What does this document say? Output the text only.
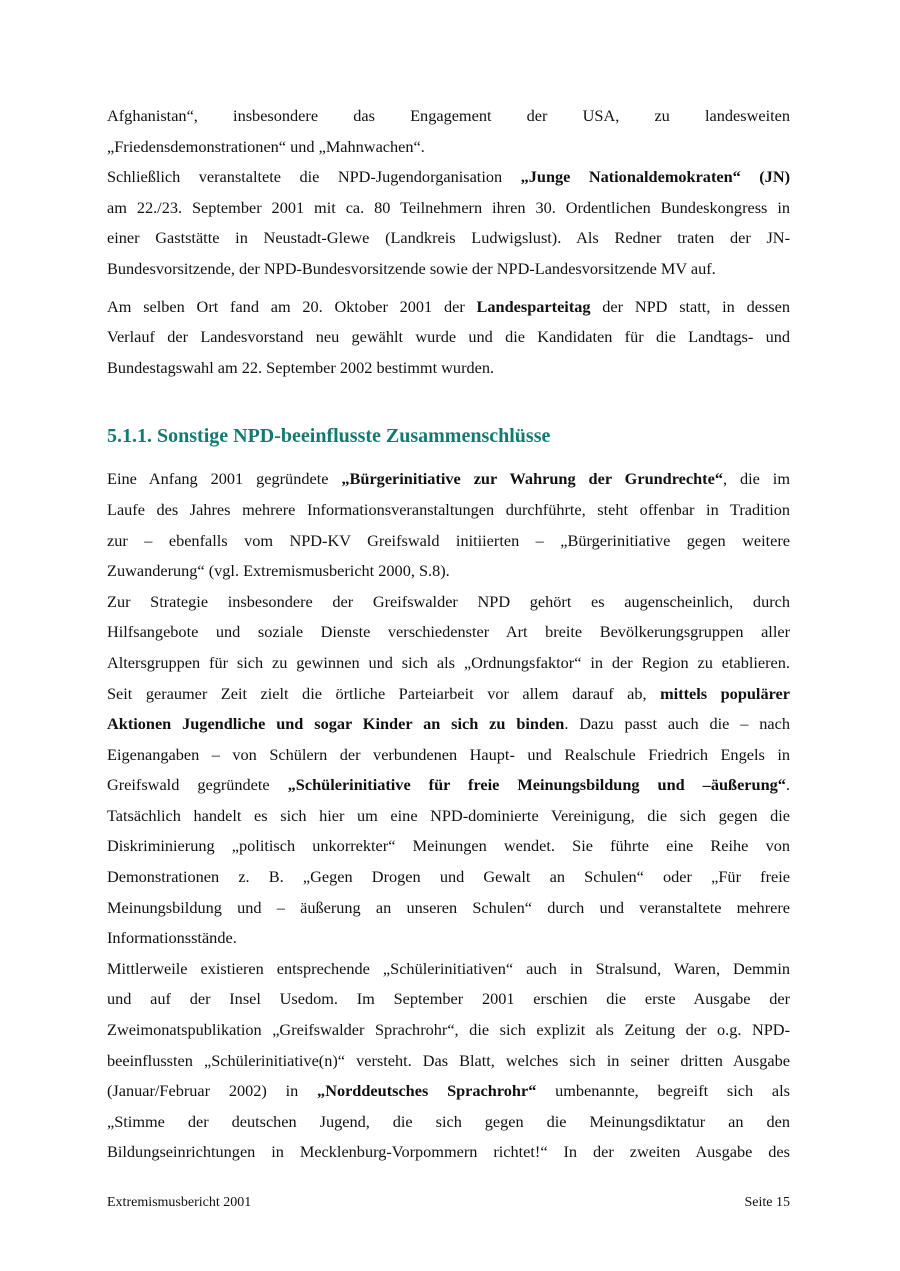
Afghanistan“, insbesondere das Engagement der USA, zu landesweiten
„Friedensdemonstrationen“ und „Mahnwachen“.
Schließlich veranstaltete die NPD-Jugendorganisation „Junge Nationaldemokraten“ (JN)
am 22./23. September 2001 mit ca. 80 Teilnehmern ihren 30. Ordentlichen Bundeskongress in
einer Gaststätte in Neustadt-Glewe (Landkreis Ludwigslust). Als Redner traten der JN-
Bundesvorsitzende, der NPD-Bundesvorsitzende sowie der NPD-Landesvorsitzende MV auf.
Am selben Ort fand am 20. Oktober 2001 der Landesparteitag der NPD statt, in dessen
Verlauf der Landesvorstand neu gewählt wurde und die Kandidaten für die Landtags- und
Bundestagswahl am 22. September 2002 bestimmt wurden.
5.1.1. Sonstige NPD-beeinflusste Zusammenschlüsse
Eine Anfang 2001 gegründete „Bürgerinitiative zur Wahrung der Grundrechte“, die im
Laufe des Jahres mehrere Informationsveranstaltungen durchführte, steht offenbar in Tradition
zur – ebenfalls vom NPD-KV Greifswald initiierten – „Bürgerinitiative gegen weitere
Zuwanderung“ (vgl. Extremismusbericht 2000, S.8).
Zur Strategie insbesondere der Greifswalder NPD gehört es augenscheinlich, durch
Hilfsangebote und soziale Dienste verschiedenster Art breite Bevölkerungsgruppen aller
Altersgruppen für sich zu gewinnen und sich als „Ordnungsfaktor“ in der Region zu etablieren.
Seit geraumer Zeit zielt die örtliche Parteiarbeit vor allem darauf ab, mittels populärer
Aktionen Jugendliche und sogar Kinder an sich zu binden. Dazu passt auch die – nach
Eigenangaben – von Schülern der verbundenen Haupt- und Realschule Friedrich Engels in
Greifswald gegründete „Schülerinitiative für freie Meinungsbildung und –äußerung“.
Tatsächlich handelt es sich hier um eine NPD-dominierte Vereinigung, die sich gegen die
Diskriminierung „politisch unkorrekter“ Meinungen wendet. Sie führte eine Reihe von
Demonstrationen z. B. „Gegen Drogen und Gewalt an Schulen“ oder „Für freie
Meinungsbildung und – äußerung an unseren Schulen“ durch und veranstaltete mehrere
Informationsstände.
Mittlerweile existieren entsprechende „Schülerinitiativen“ auch in Stralsund, Waren, Demmin
und auf der Insel Usedom. Im September 2001 erschien die erste Ausgabe der
Zweimonatspublikation „Greifswalder Sprachrohr“, die sich explizit als Zeitung der o.g. NPD-
beeinflussten „Schülerinitiative(n)“ versteht. Das Blatt, welches sich in seiner dritten Ausgabe
(Januar/Februar 2002) in „Norddeutsches Sprachrohr“ umbenannte, begreift sich als
„Stimme der deutschen Jugend, die sich gegen die Meinungsdiktatur an den
Bildungseinrichtungen in Mecklenburg-Vorpommern richtet!“ In der zweiten Ausgabe des
Extremismusbericht 2001	Seite 15
